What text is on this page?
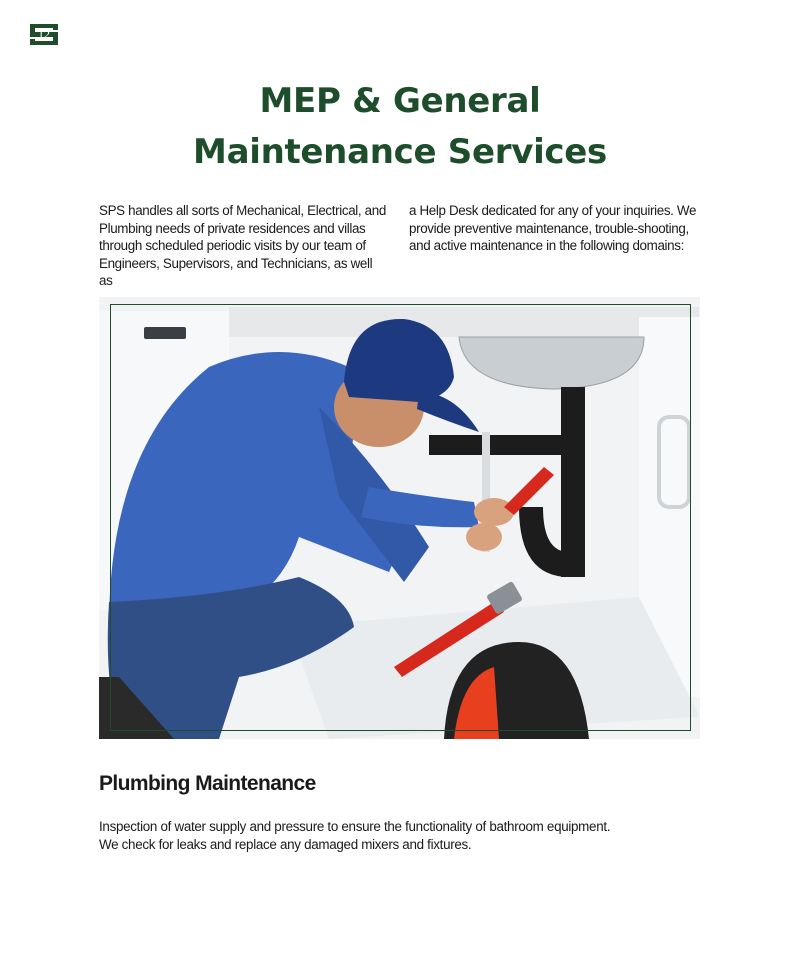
12
MEP & General
Maintenance Services

SPS handles all sorts of Mechanical, Electrical, and Plumbing needs of private residences and villas through scheduled periodic visits by our team of Engineers, Supervisors, and Technicians, as well as

a Help Desk dedicated for any of your inquiries. We provide preventive maintenance, trouble-shooting, and active maintenance in the following domains:

Plumbing Maintenance

Inspection of water supply and pressure to ensure the functionality of bathroom equipment.
We check for leaks and replace any damaged mixers and fixtures.
